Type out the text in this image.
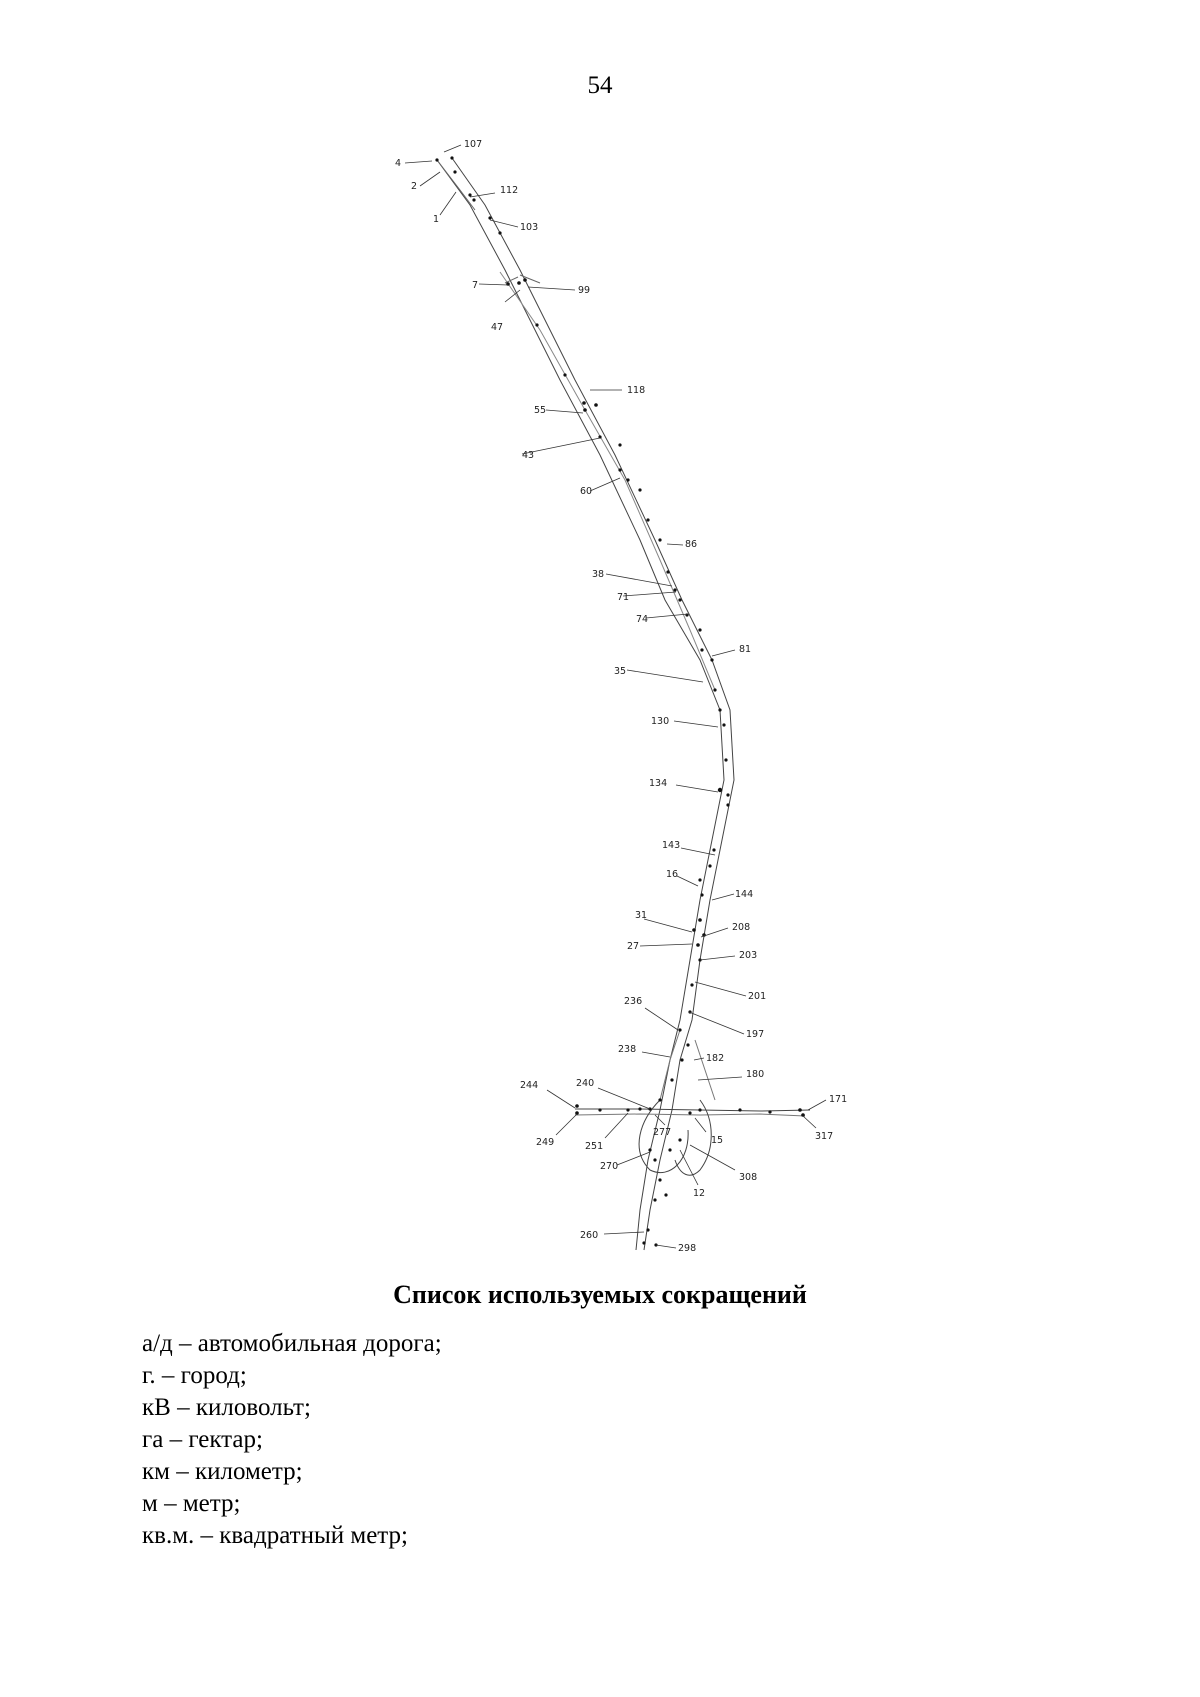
54
107
4
2	112
1
103
7	99
47
118
55
43
60
86
38
71
74
81
35
130
134
143
16
144
31
208
27
203
201
236
197
238
182
180
244	240
171
317
249	251
277
15
270
308
12
260
298
Список используемых сокращений
а/д – автомобильная дорога;
г. – город;
кВ – киловольт;
га – гектар;
км – километр;
м – метр;
кв.м. – квадратный метр;
